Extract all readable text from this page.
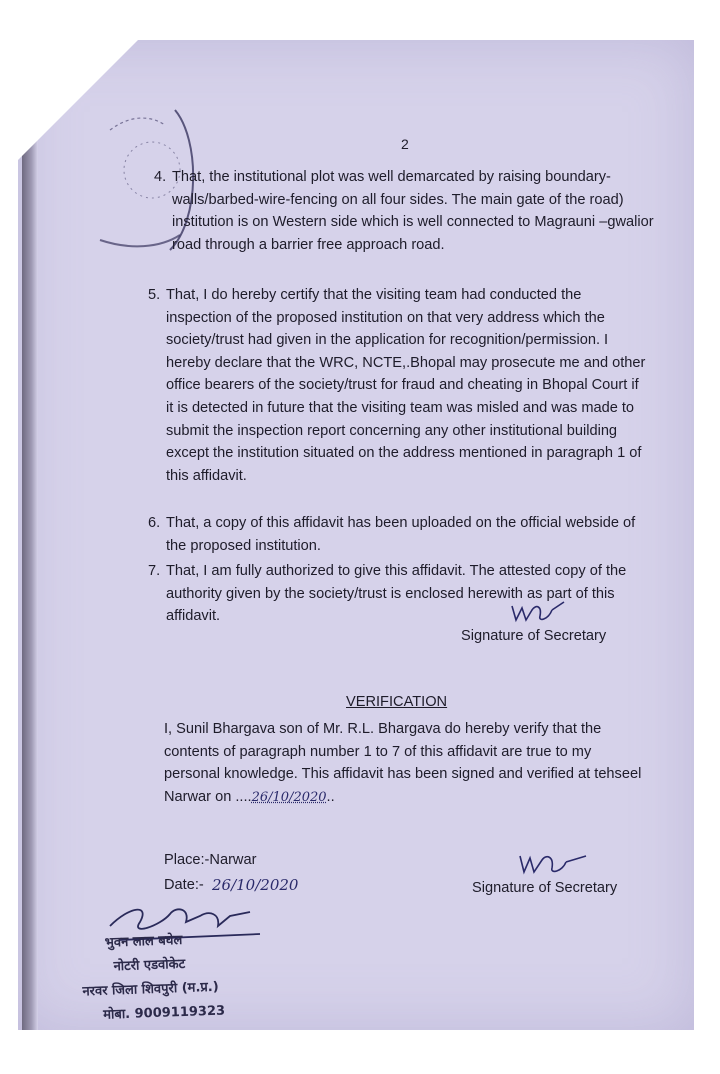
2
4. That, the institutional plot was well demarcated by raising boundary-

walls/barbed-wire-fencing on all four sides. The main gate of the road)

institution is on Western side which is well connected to Magrauni –gwalior

road through a barrier free approach road.

5. That, I do hereby certify that the visiting team had conducted the

inspection of the proposed institution on that very address which the

society/trust had given in the application for recognition/permission. I

hereby declare that the WRC, NCTE,.Bhopal may prosecute me and other

office bearers of the society/trust for fraud and cheating in Bhopal Court if

it is detected in future that the visiting team was misled and was made to

submit the inspection report concerning any other institutional building

except the institution situated on the address mentioned in paragraph 1 of

this affidavit.

6. That, a copy of this affidavit has been uploaded on the official webside of

the proposed institution.

7. That, I am fully authorized to give this affidavit. The attested copy of the

authority given by the society/trust is enclosed herewith as part of this

affidavit.

Signature of Secretary
VERIFICATION

I, Sunil Bhargava son of Mr. R.L. Bhargava do hereby verify that the

contents of paragraph number 1 to 7 of this affidavit are true to my

personal knowledge. This affidavit has been signed and verified at tehseel

Narwar on ....26/10/2020..

Place:-Narwar
Date:- 26/10/2020	Signature of Secretary
भुवन लाल बघेल
नोटरी एडवोकेट
नरवर जिला शिवपुरी (म.प्र.)
मोबा. 9009119323
